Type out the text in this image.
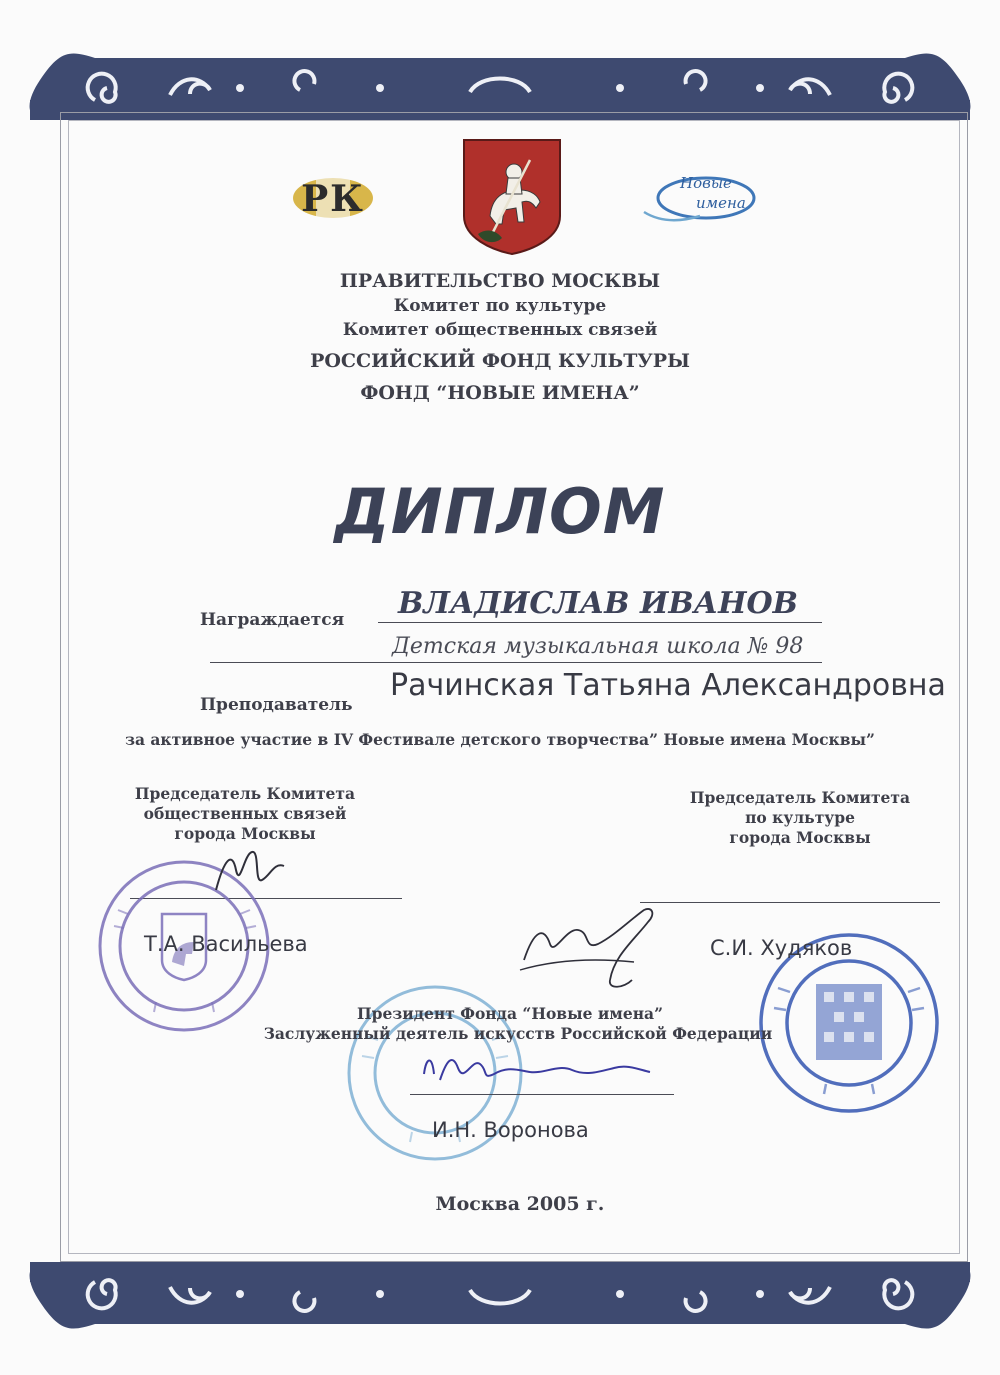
РК	Новые
имена
ПРАВИТЕЛЬСТВО МОСКВЫ
Комитет по культуре
Комитет общественных связей
РОССИЙСКИЙ ФОНД КУЛЬТУРЫ
ФОНД “НОВЫЕ ИМЕНА”
ДИПЛОМ
Награждается ВЛАДИСЛАВ ИВАНОВ
Детская музыкальная школа № 98
Преподаватель
Рачинская Татьяна Александровна
за активное участие в IV Фестивале детского творчества” Новые имена Москвы”
Председатель Комитета
общественных связей
города Москвы
Т.А. Васильева
Председатель Комитета
по культуре
города Москвы
С.И. Худяков
Президент Фонда “Новые имена”
Заслуженный деятель искусств Российской Федерации
И.Н. Воронова
Москва 2005 г.
